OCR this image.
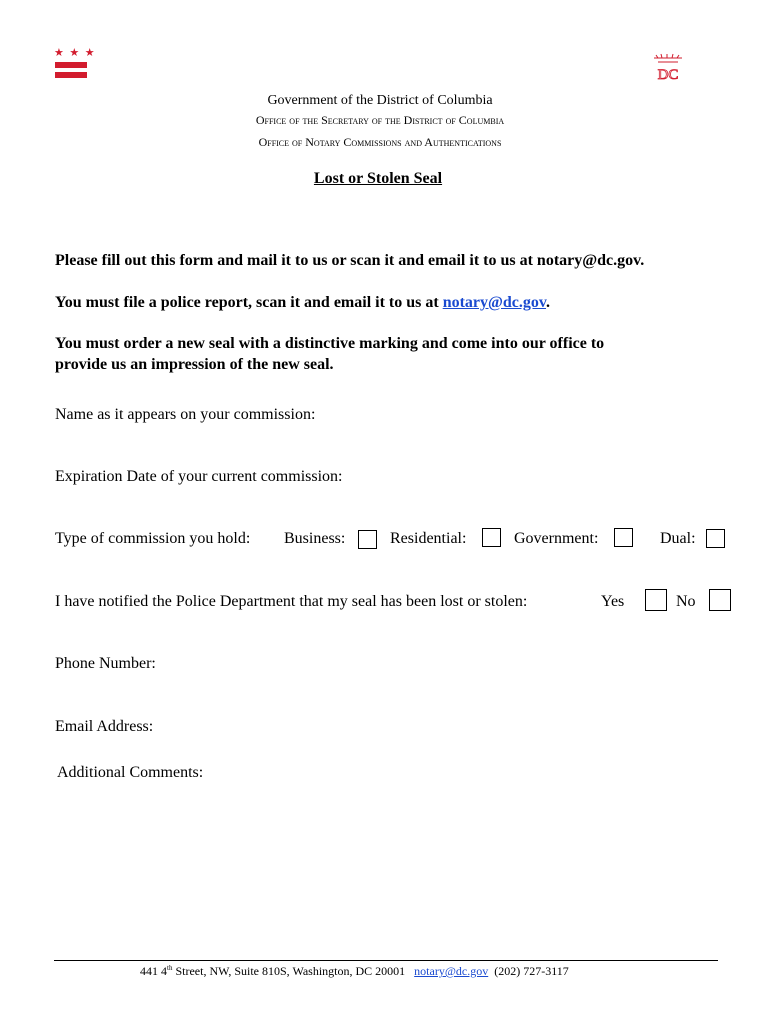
★ ★ ★
DC
Government of the District of Columbia
Office of the Secretary of the District of Columbia
Office of Notary Commissions and Authentications
Lost or Stolen Seal
Please fill out this form and mail it to us or scan it and email it to us at notary@dc.gov.
You must file a police report, scan it and email it to us at notary@dc.gov.
You must order a new seal with a distinctive marking and come into our office to
provide us an impression of the new seal.
Name as it appears on your commission:
Expiration Date of your current commission:
Type of commission you hold: Business:	Residential:	Government:	Dual:
I have notified the Police Department that my seal has been lost or stolen:	Yes	No
Phone Number:
Email Address:
Additional Comments:
441 4th Street, NW, Suite 810S, Washington, DC 20001 notary@dc.gov (202) 727-3117
